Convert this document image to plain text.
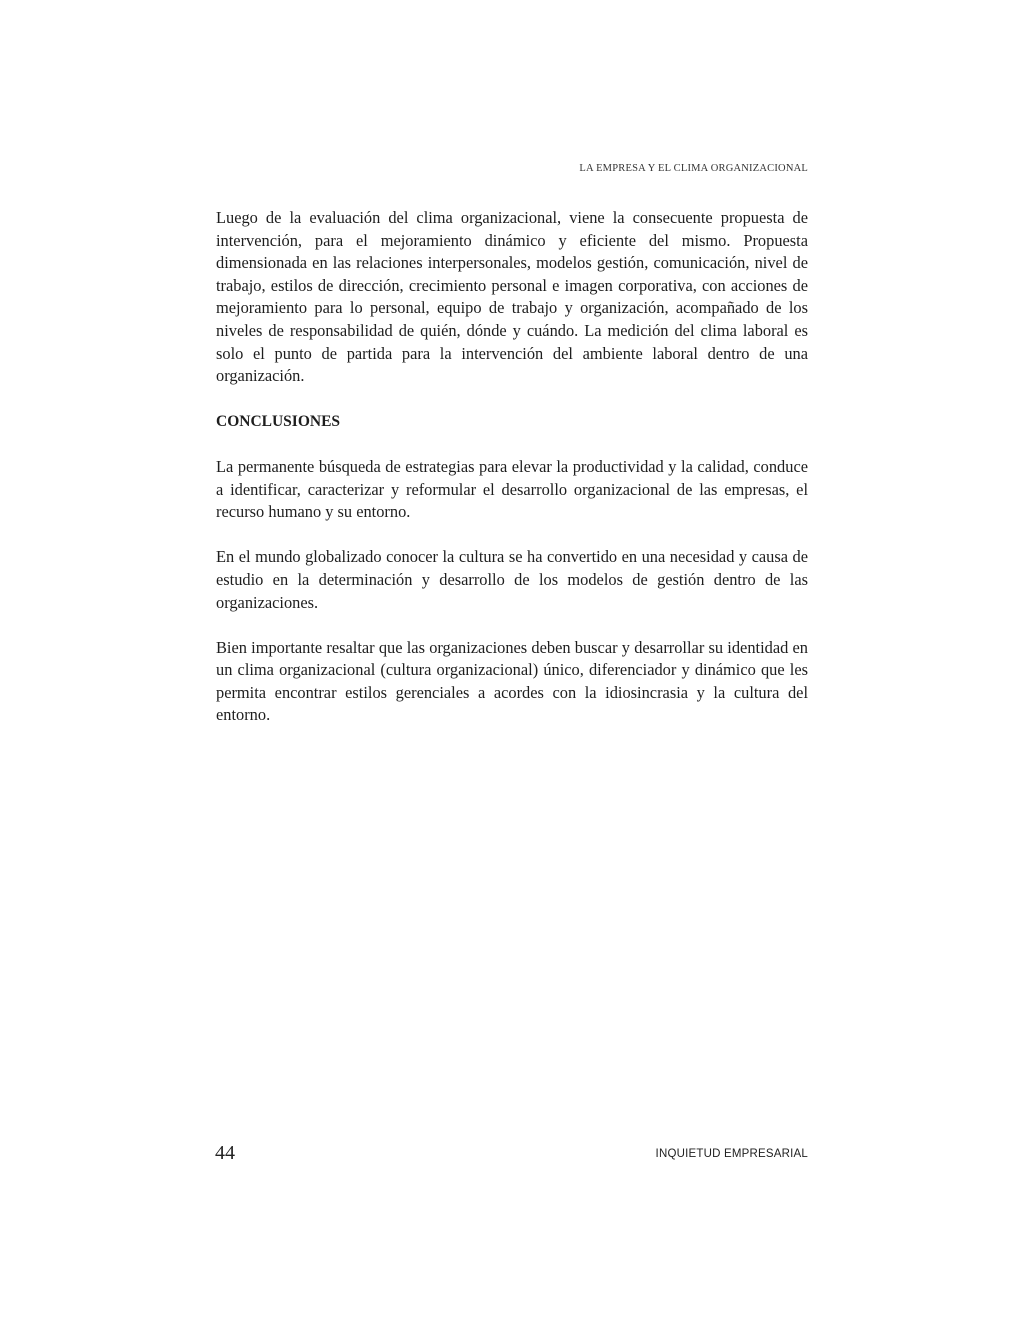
LA EMPRESA Y EL CLIMA ORGANIZACIONAL

Luego de la evaluación del clima organizacional, viene la consecuente propuesta de intervención, para el mejoramiento dinámico y eficiente del mismo. Propuesta dimensionada en las relaciones interpersonales, modelos gestión, comunicación, nivel de trabajo, estilos de dirección, crecimiento personal e imagen corporativa, con acciones de mejoramiento para lo personal, equipo de trabajo y organización, acompañado de los niveles de responsabilidad de quién, dónde y cuándo. La medición del clima laboral es solo el punto de partida para la intervención del ambiente laboral dentro de una organización.

CONCLUSIONES

La permanente búsqueda de estrategias para elevar la productividad y la calidad, conduce a identificar, caracterizar y reformular el desarrollo organizacional de las empresas, el recurso humano y su entorno.

En el mundo globalizado conocer la cultura se ha convertido en una necesidad y causa de estudio en la determinación y desarrollo de los modelos de gestión dentro de las organizaciones.

Bien importante resaltar que las organizaciones deben buscar y desarrollar su identidad en un clima organizacional (cultura organizacional) único, diferenciador y dinámico que les permita encontrar estilos gerenciales a acordes con la idiosincrasia y la cultura del entorno.

44	INQUIETUD EMPRESARIAL
